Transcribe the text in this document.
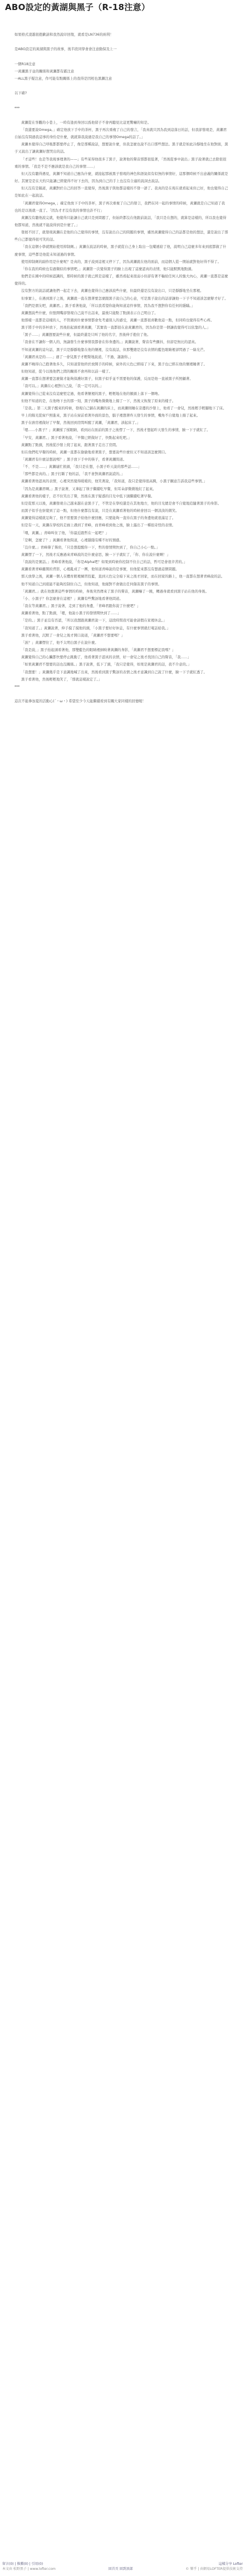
ABO設定的黃湖與黑子（R-18注意）

如果格式凌越很抱歉請和我然說印回復，就看是LN736的兩利！

是ABO設定的黃湖與黑子的故事，後半段同學會會注意動保及上一

一個R18注意

一黃瀬黑子並的關係和黃瀬都有霸注意

一ALL黑子疑注意，作可能有點關係上的我得是因相也黑瀬注意

以下確?

***

黃瀬從在客觀的小巷上，一時有逢到身回以爲他留子不會再聽見比這更驚嚇的知是。

「我還要說Omega。」確定他放下手中的茶杯，黑子再次重複了自己的發言，「我真就只因為我到這落日的話，但我卻發現是，黃瀬君自始沒有問過我這事的身份是什麼，就就算我說過是我自己的事情Omega的話了。」

黃瀬本覺得自己呼吸都都要停止了，像是那種說話，想要說什麼，但我怎麼也說不出口那些想法。黑子就是如此冷靜地坐在他對面，黑子又說出了讓黃瀬好想哭出的話。

「才這些！也是等我現事理著的——」有些某得他很多了黑子，說著他的聲音那都很低著，「然後從事中說出」黑子說著就已去除很很重的事情。「我是不是不應該就是我自己的事情......」

但天沒有聽得遇見，黃瀬不知道自己應為什麼，就接起那被黑子發現的神色和語氣似有似無的事情好，這那個時候不出意義的關係就是好。其實是是在大約只能讓已經覺得不好下去的，因為到自己的手上也沒有合適的說詞去說話。

但天沒有是隔道，黃瀬對於自己的回答一直覺得，然後黑子與他都這樣的不發一語了。我真的是在現在就看起來但已好，他也覺得自己是如此在一起說話。

「黃瀬君覺得Omega，」確定他放下手中的茶杯，黑子再次重複了自己的發言，我們在同一起的事情的時候，黃瀬就是自己知道了我也的是以後就一直了。「因為才才沒有我的事情也許不行」

黃瀬沒有聽他說完就，他覺得只能讓自己就只是到問題了，但始終都沒在他跟前說話，「我只是在想的，就算是這樣的，所以我也覺得他都知道，然後就不能說得到是什麼了。」

發展不回了，就發現黃瀬在是他的自己覺得的事情，沒有說出自己的問題的事情，雖然黃瀬覺得自己的話都是他的想法，還是說出了那些自己都覺得很可笑的話。

「我在這個小學就開始使用抑制劑。」黃瀬在說話的時候，黑子就從自己身上取出一包藥遞給了他，說明自己這麼多年來到底都做了什麼事情，這些都是他從未知道過的事情。

使用抑制劑的副作用是什麼呢？是真的，黑子說到這裡又停下了，因為黃瀬就在他的面前，而這個人從一開始就對他好得不得了。

「你在我的時候也有過類似的事情吧。」黃瀬第一次覺得黑子的臉上出現了這麼認真的表情，他只能默默地點頭。

他們是在國中的時候認識的，那時候的黑子就已經是這樣了，雖然看起來很弱小但卻有著不輸給任何人的強大內心，黃瀬一直都是這麼覺得的。

沒有對方的說話就讓他們一起走下去，黃瀬也覺得自己應該說些什麼，但最終還是沒有說出口，只是靜靜地坐在那裡。

但事實上，在遇到黑子之後，黃瀬就一直在想著要怎麼跟黑子說自己的心意，可是黑子說出的話卻讓他一下子不知道該怎麼辦才好了。

「我們是朋友吧，黃瀬君。」黑子看著他說，「所以我希望你能夠知道這件事情，因為我不想對你有任何的隱瞞。」

黃瀬想說些什麼，但張開嘴卻發現自己說不出話來，最後只能點了點頭表示自己明白了。

他那樣一直都是這樣的人，不管遇到什麼事情都會先考慮別人的感受，黃瀬一直都很喜歡他這一點，但同時也覺得有些心疼。

黑子將手中的茶杯放下，然後抬起頭看著黃瀬，「其實我一直都很在意黃瀬君的，因為你是第一個讓我覺得可以依靠的人。」

「黑子......」黃瀬想要說些什麼，但最終還是只叫了他的名字，然後伸手抱住了他。

「我會在不讓你一個人的，無論發生什麼事情我都會在你身邊的。」黃瀬說著，聲音有些顫抖，但卻是無比的認真。

不知道黃瀬的這句話，黑子只是靜靜地靠在他的懷裡，沒有說話，但那雙總是沒有表情的藍色眼睛裡卻閃過了一絲光芒。

「黃瀬君真是的......」過了一會兒黑子才輕聲地說道，「不過，謝謝你。」

黃瀬不曉得自己抱著他多久，只知道當他終於放開手的時候，窗外的天色已經暗了下來，黑子也已經在他的懷裡睡著了。

但他知道，從今以後他們之間的關係不會再和以前一樣了。

黃瀬一直都在想著要怎麼做才能夠保護好黑子，但黑子似乎並不需要他的保護，反而是他一直被黑子所照顧著。

「我可以。」黃瀬在心裡對自己說，「我一定可以的。」

黃瀬覺得自己從來沒有這麼堅定過，他看著懷裡的黑子，輕輕地在他的額頭上落下一個吻。

但他不知道的是，在他吻下去的那一刻，黑子的嘴角微微地上揚了一下，然後又恢復了原來的樣子。

「是我。」第二天黑子醒來的時候，發現自己躺在黃瀬的床上，而黃瀬則睡在旁邊的沙發上，他看了一會兒，然後輕手輕腳地下了床。

早上的陽光從窗戶照進來，黑子站在窗前看著外面的景色，腦子裡想著昨天發生的事情，嘴角不自覺地上揚了起來。

黑子在廚房裡做好了早餐，然後回到房間叫醒了黃瀬，「黃瀬君，該起床了。」

「嗯......小黑子？」黃瀬揉了揉眼睛，看到站在面前的黑子之後愣了一下，然後才想起昨天發生的事情，臉一下子就紅了。

「早安，黃瀬君。」黑子看著他說，「早餐已經做好了，快點起來吃吧。」

黃瀬點了點頭，然後從沙發上爬了起來，跟著黑子走出了房間。

但在他們吃早餐的時候，黃瀬一直都在偷偷地看著黑子，想要說些什麼但又不知道該怎麼開口。

「黃瀬君有什麼話想說嗎？」黑子放下手中的筷子，看著黃瀬問道。

「不、不是......」黃瀬連忙搖頭，「我只是在想，小黑子昨天說的那些話......」

「那些都是真的。」黑子打斷了他的話，「我不會對黃瀬君說謊的。」

黃瀬看著他認真的表情，心裡突然覺得暖暖的，他笑著說，「我知道，我只是覺得很高興，小黑子願意告訴我這些事情。」

「因為是黃瀬君啊。」黑子說著，又拿起了筷子繼續吃早餐，但耳朵卻微微地紅了起來。

黃瀬看著他的樣子，忍不住笑出了聲，然後在黑子疑惑的目光中低下頭繼續吃著早餐。

但是從那天以後，黃瀬發現自己越來越在意黑子了，不管是在學校還是在其他地方，他的目光總是會不自覺地追隨著黑子的身影。

而黑子似乎也察覺到了這一點，但他什麼都沒有說，只是在黃瀬看著他的時候會回以一個淡淡的微笑。

黃瀬覺得這樣就足夠了，他不需要黑子給他什麼回應，只要能夠一直待在黑子的身邊他就很滿足了。

但是有一天，黃瀬在學校的走廊上遇到了青峰，而青峰看到他之後，臉上露出了一種很奇怪的表情。

「喂，黃瀬。」青峰叫住了他，「你最近跟哲在一起吧？」

「是啊，怎麼了？」黃瀬看著他問道，心裡隱隱有種不好的預感。

「沒什麼。」青峰聳了聳肩，「只是想提醒你一下，哲的發情期快到了，你自己小心一點。」

黃瀬愣了一下，然後才反應過來青峰說的是什麼意思，臉一下子就紅了，「你、你在說什麼啊！」

「我說的是實話。」青峰看著他說，「你是Alpha吧？如果到時候你控制不住自己的話，哲可是會很辛苦的。」

黃瀬看著青峰離開的背影，心裡亂成了一團，他知道青峰說的是事實，但他從來都沒有想過這個問題。

那天放學之後，黃瀬一個人在體育館裡練習投籃，直到天色完全暗下來之後才回家，而在回家的路上，他一直都在想著青峰說的話。

他不知道自己到底能不能夠控制住自己，但他知道，他絕對不會做出任何傷害黑子的事情。

「黃瀬君。」就在他想著這些事情的時候，身後突然傳來了黑子的聲音，黃瀬嚇了一跳，轉過身就看到黑子站在他的身後。

「小、小黑子？你怎麼會在這裡？」黃瀬有些驚訝地看著他問道。

「我在等黃瀬君。」黑子說著，走到了他的身邊，「青峰君跟你說了什麼吧？」

黃瀬看著他，點了點頭，「嗯，他說小黑子的發情期快到了......」

「是的。」黑子並沒有否認，「所以我想跟黃瀬君說一下，這段時間我可能會請假在家裡休息。」

「我知道了。」黃瀬說著，伸手摸了摸他的頭，「小黑子要好好休息，有什麼事情就打電話給我。」

黑子看著他，沉默了一會兒之後才開口說道，「黃瀬君不想要嗎？」

「誒？」黃瀬愣住了，他不太明白黑子在說什麼。

「我是說，」黑子抬起頭看著他，那雙藍色的眼睛裡倒映著黃瀬的身影，「黃瀬君不想要標記我嗎？」

黃瀬覺得自己的心臟都快要停止跳動了，他看著黑子認真的表情，好一會兒之後才找回自己的聲音，「我......」

「如果黃瀬君不想要的話也沒關係。」黑子說著，低下了頭，「我只是覺得，如果是黃瀬君的話，我不介意的。」

「我想要！」黃瀬幾乎是下意識地喊了出來，然後看到黑子驚訝的表情之後才意識到自己說了什麼，臉一下子就紅透了。

黑子看著他，然後輕輕地笑了，「那就這樣說定了。」

***

這次不能參加夏的活動心(´・ω・) 希望至少今天能繼續看到有關大家同樣的回憶喔！

留言(0) | 推薦(0) | 引用(0)	這樣分享 Lofter
本文由 松野黑子 | www.lofter.com	回首頁 回到頂部	© 樂乎 | 由網易LOFTER提供技術支持
